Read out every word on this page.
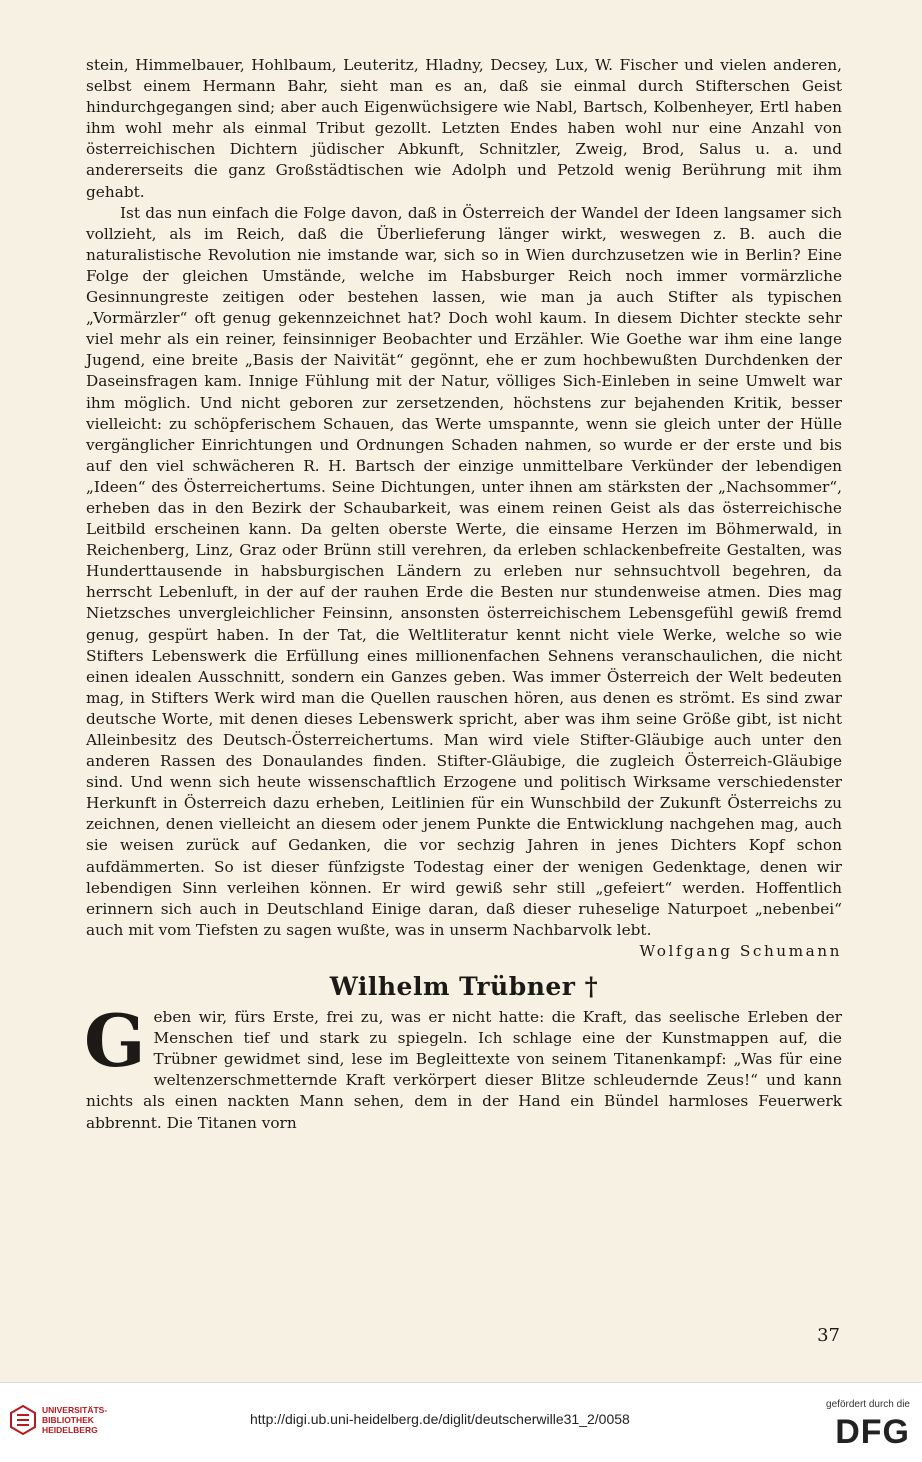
stein, Himmelbauer, Hohlbaum, Leuteritz, Hladny, Decsey, Lux, W. Fischer und vielen anderen, selbst einem Hermann Bahr, sieht man es an, daß sie einmal durch Stifterschen Geist hindurchgegangen sind; aber auch Eigenwüchsigere wie Nabl, Bartsch, Kolbenheyer, Ertl haben ihm wohl mehr als einmal Tribut gezollt. Letzten Endes haben wohl nur eine Anzahl von österreichischen Dichtern jüdischer Abkunft, Schnitzler, Zweig, Brod, Salus u. a. und andererseits die ganz Großstädtischen wie Adolph und Petzold wenig Berührung mit ihm gehabt.

Ist das nun einfach die Folge davon, daß in Österreich der Wandel der Ideen langsamer sich vollzieht, als im Reich, daß die Überlieferung länger wirkt, weswegen z. B. auch die naturalistische Revolution nie imstande war, sich so in Wien durchzusetzen wie in Berlin? Eine Folge der gleichen Umstände, welche im Habsburger Reich noch immer vormärzliche Gesinnungreste zeitigen oder bestehen lassen, wie man ja auch Stifter als typischen „Vormärzler“ oft genug gekennzeichnet hat? Doch wohl kaum. In diesem Dichter steckte sehr viel mehr als ein reiner, feinsinniger Beobachter und Erzähler. Wie Goethe war ihm eine lange Jugend, eine breite „Basis der Naivität“ gegönnt, ehe er zum hochbewußten Durchdenken der Daseinsfragen kam. Innige Fühlung mit der Natur, völliges Sich-Einleben in seine Umwelt war ihm möglich. Und nicht geboren zur zersetzenden, höchstens zur bejahenden Kritik, besser vielleicht: zu schöpferischem Schauen, das Werte umspannte, wenn sie gleich unter der Hülle vergänglicher Einrichtungen und Ordnungen Schaden nahmen, so wurde er der erste und bis auf den viel schwächeren R. H. Bartsch der einzige unmittelbare Verkünder der lebendigen „Ideen“ des Österreichertums. Seine Dichtungen, unter ihnen am stärksten der „Nachsommer“, erheben das in den Bezirk der Schaubarkeit, was einem reinen Geist als das österreichische Leitbild erscheinen kann. Da gelten oberste Werte, die einsame Herzen im Böhmerwald, in Reichenberg, Linz, Graz oder Brünn still verehren, da erleben schlackenbefreite Gestalten, was Hunderttausende in habsburgischen Ländern zu erleben nur sehnsuchtvoll begehren, da herrscht Lebenluft, in der auf der rauhen Erde die Besten nur stundenweise atmen. Dies mag Nietzsches unvergleichlicher Feinsinn, ansonsten österreichischem Lebensgefühl gewiß fremd genug, gespürt haben. In der Tat, die Weltliteratur kennt nicht viele Werke, welche so wie Stifters Lebenswerk die Erfüllung eines millionenfachen Sehnens veranschaulichen, die nicht einen idealen Ausschnitt, sondern ein Ganzes geben. Was immer Österreich der Welt bedeuten mag, in Stifters Werk wird man die Quellen rauschen hören, aus denen es strömt. Es sind zwar deutsche Worte, mit denen dieses Lebenswerk spricht, aber was ihm seine Größe gibt, ist nicht Alleinbesitz des Deutsch-Österreichertums. Man wird viele Stifter-Gläubige auch unter den anderen Rassen des Donaulandes finden. Stifter-Gläubige, die zugleich Österreich-Gläubige sind. Und wenn sich heute wissenschaftlich Erzogene und politisch Wirksame verschiedenster Herkunft in Österreich dazu erheben, Leitlinien für ein Wunschbild der Zukunft Österreichs zu zeichnen, denen vielleicht an diesem oder jenem Punkte die Entwicklung nachgehen mag, auch sie weisen zurück auf Gedanken, die vor sechzig Jahren in jenes Dichters Kopf schon aufdämmerten. So ist dieser fünfzigste Todestag einer der wenigen Gedenktage, denen wir lebendigen Sinn verleihen können. Er wird gewiß sehr still „gefeiert“ werden. Hoffentlich erinnern sich auch in Deutschland Einige daran, daß dieser ruheselige Naturpoet „nebenbei“ auch mit vom Tiefsten zu sagen wußte, was in unserm Nachbarvolk lebt.

Wolfgang Schumann

Wilhelm Trübner †
G eben wir, fürs Erste, frei zu, was er nicht hatte: die Kraft, das seelische Erleben der Menschen tief und stark zu spiegeln. Ich schlage eine der Kunstmappen auf, die Trübner gewidmet sind, lese im Begleittexte von seinem Titanenkampf: „Was für eine weltenzerschmetternde Kraft verkörpert dieser Blitze schleudernde Zeus!“ und kann nichts als einen nackten Mann sehen, dem in der Hand ein Bündel harmloses Feuerwerk abbrennt. Die Titanen vorn
37
UNIVERSITÄTS-BIBLIOTHEK HEIDELBERG
http://digi.ub.uni-heidelberg.de/diglit/deutscherwille31_2/0058
gefördert durch die
DFG
